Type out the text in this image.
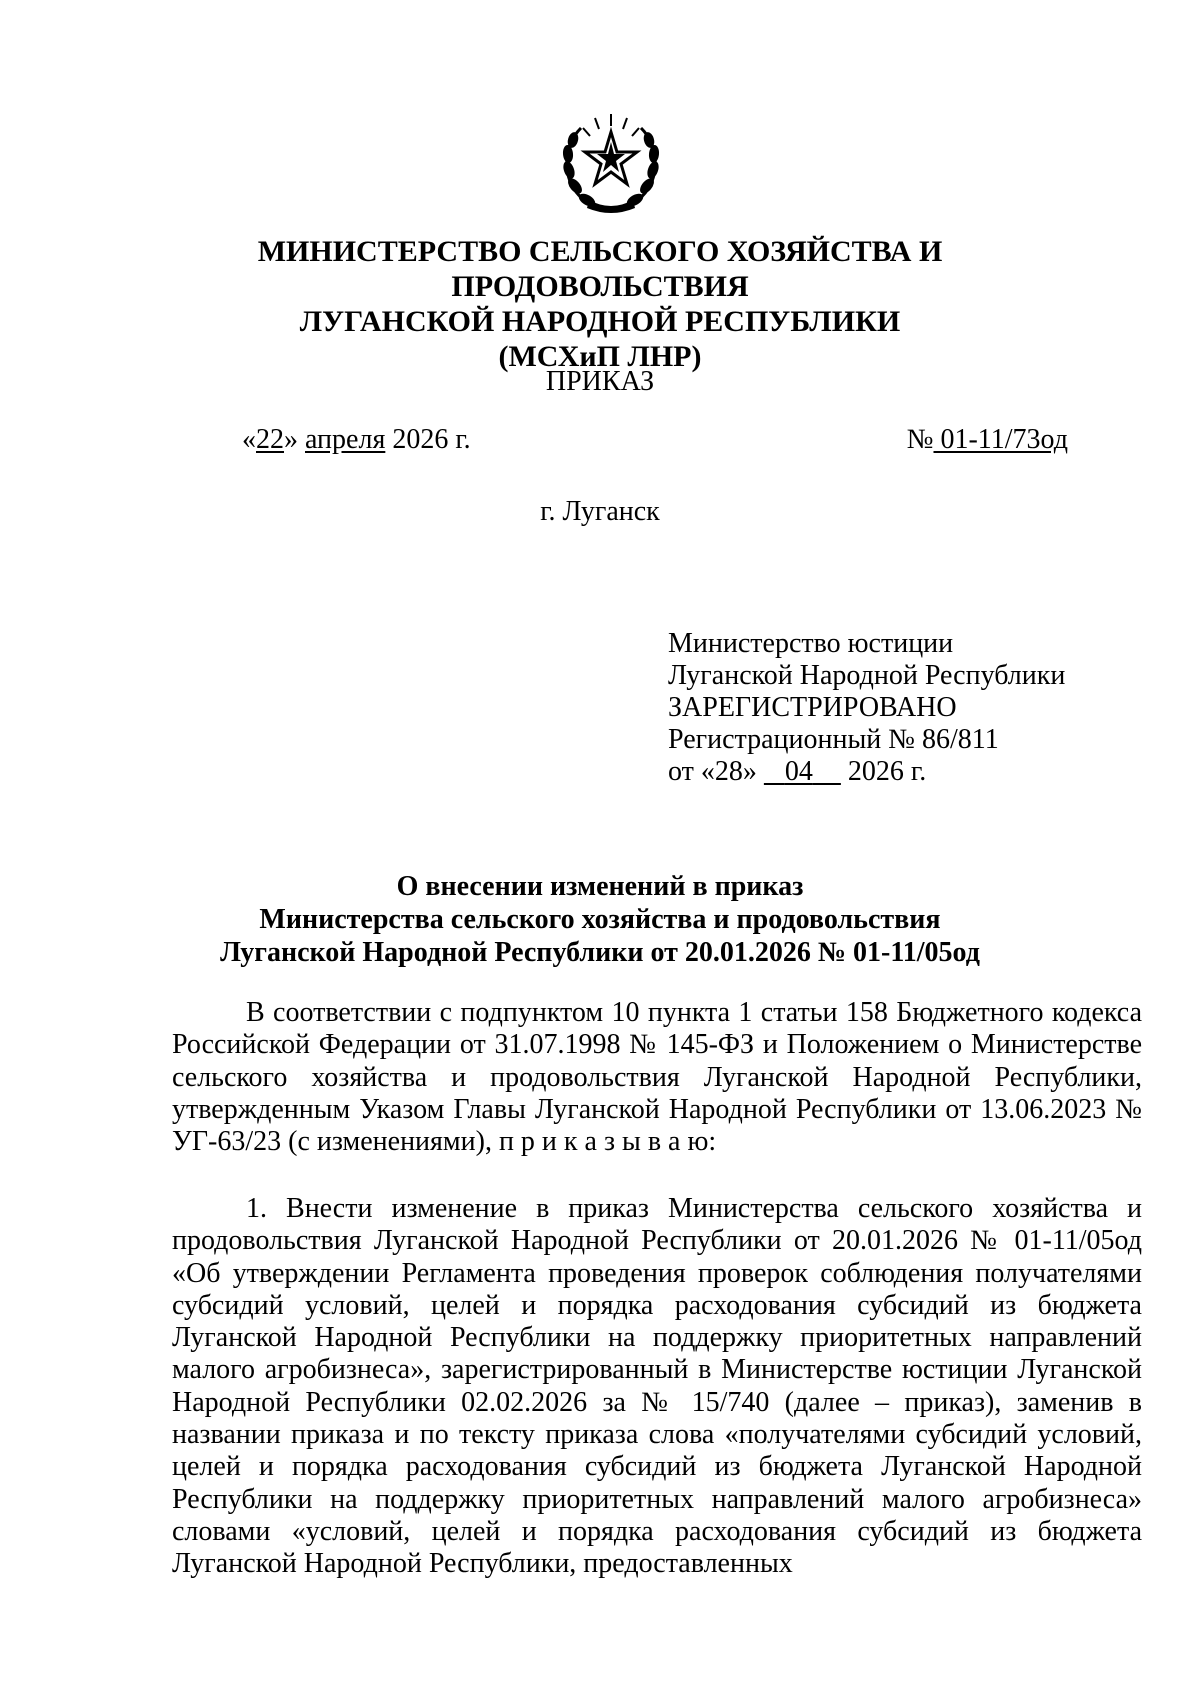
МИНИСТЕРСТВО СЕЛЬСКОГО ХОЗЯЙСТВА И ПРОДОВОЛЬСТВИЯ
ЛУГАНСКОЙ НАРОДНОЙ РЕСПУБЛИКИ
(МСХиП ЛНР)
ПРИКАЗ
«22» апреля 2026 г.	№ 01-11/73од
г. Луганск
Министерство юстиции
Луганской Народной Республики
ЗАРЕГИСТРИРОВАНО
Регистрационный № 86/811
от «28» 04 2026 г.
О внесении изменений в приказ
Министерства сельского хозяйства и продовольствия
Луганской Народной Республики от 20.01.2026 № 01-11/05од
В соответствии с подпунктом 10 пункта 1 статьи 158 Бюджетного кодекса Российской Федерации от 31.07.1998 № 145-ФЗ и Положением о Министерстве сельского хозяйства и продовольствия Луганской Народной Республики, утвержденным Указом Главы Луганской Народной Республики от 13.06.2023 № УГ-63/23 (с изменениями), п р и к а з ы в а ю:
1. Внести изменение в приказ Министерства сельского хозяйства и продовольствия Луганской Народной Республики от 20.01.2026 № 01-11/05од «Об утверждении Регламента проведения проверок соблюдения получателями субсидий условий, целей и порядка расходования субсидий из бюджета Луганской Народной Республики на поддержку приоритетных направлений малого агробизнеса», зарегистрированный в Министерстве юстиции Луганской Народной Республики 02.02.2026 за № 15/740 (далее – приказ), заменив в названии приказа и по тексту приказа слова «получателями субсидий условий, целей и порядка расходования субсидий из бюджета Луганской Народной Республики на поддержку приоритетных направлений малого агробизнеса» словами «условий, целей и порядка расходования субсидий из бюджета Луганской Народной Республики, предоставленных
